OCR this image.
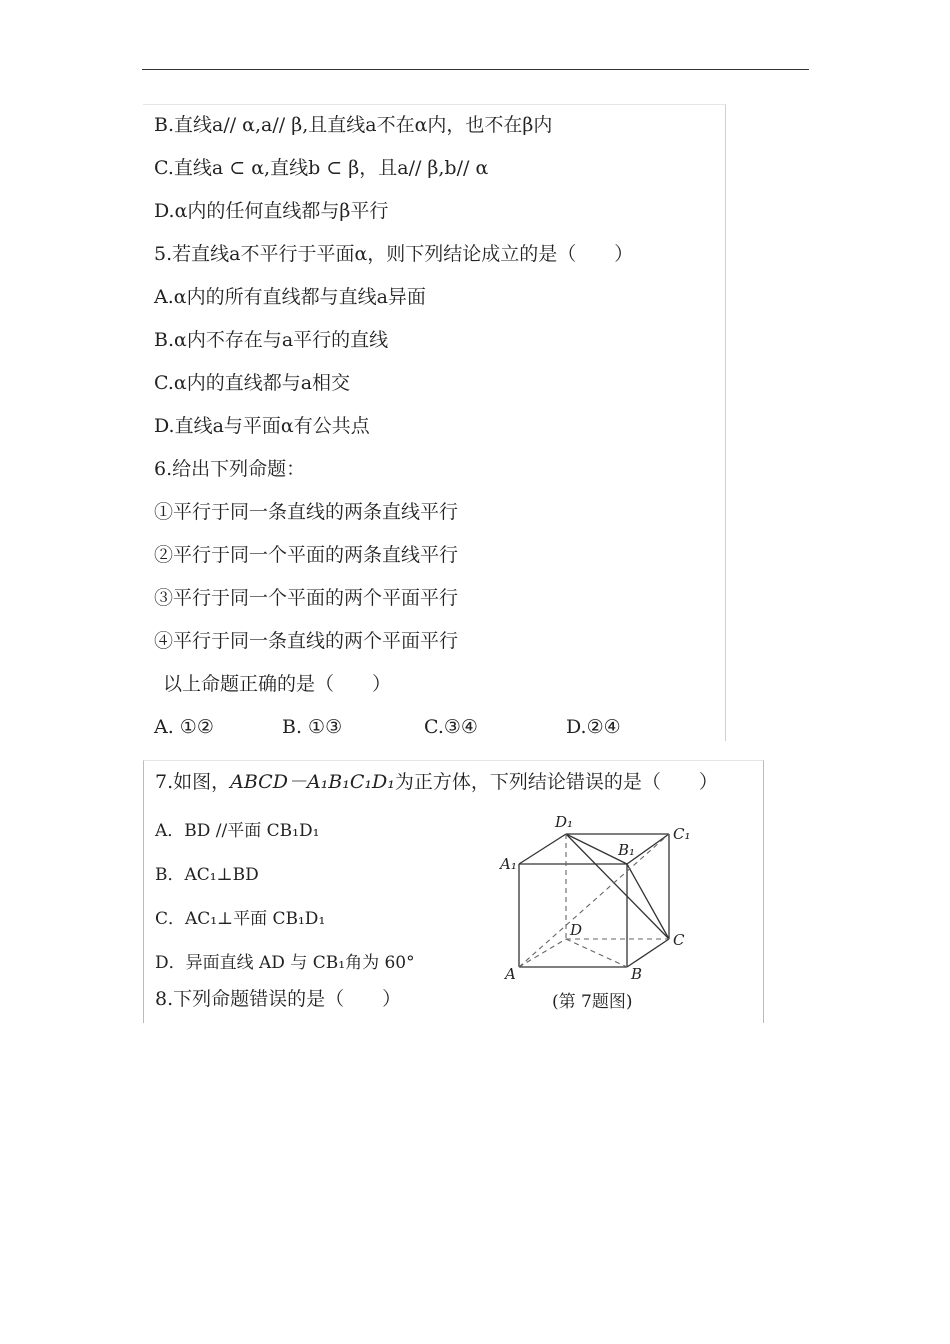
B.直线a// α,a// β,且直线a不在α内，也不在β内
C.直线a ⊂ α,直线b ⊂ β，且a// β,b// α
D.α内的任何直线都与β平行
5.若直线a不平行于平面α，则下列结论成立的是（　　）
A.α内的所有直线都与直线a异面
B.α内不存在与a平行的直线
C.α内的直线都与a相交
D.直线a与平面α有公共点
6.给出下列命题：
①平行于同一条直线的两条直线平行
②平行于同一个平面的两条直线平行
③平行于同一个平面的两个平面平行
④平行于同一条直线的两个平面平行
以上命题正确的是（　　）
A. ①②	B. ①③	C.③④	D.②④
7.如图，ABCD－A₁B₁C₁D₁为正方体，下列结论错误的是（　　）
A．BD //平面 CB₁D₁
B．AC₁⊥BD
C．AC₁⊥平面 CB₁D₁
D．异面直线 AD 与 CB₁角为 60°
8.下列命题错误的是（　　）
D₁
C₁
B₁
A₁
D
C
A	B
(第 7题图)
